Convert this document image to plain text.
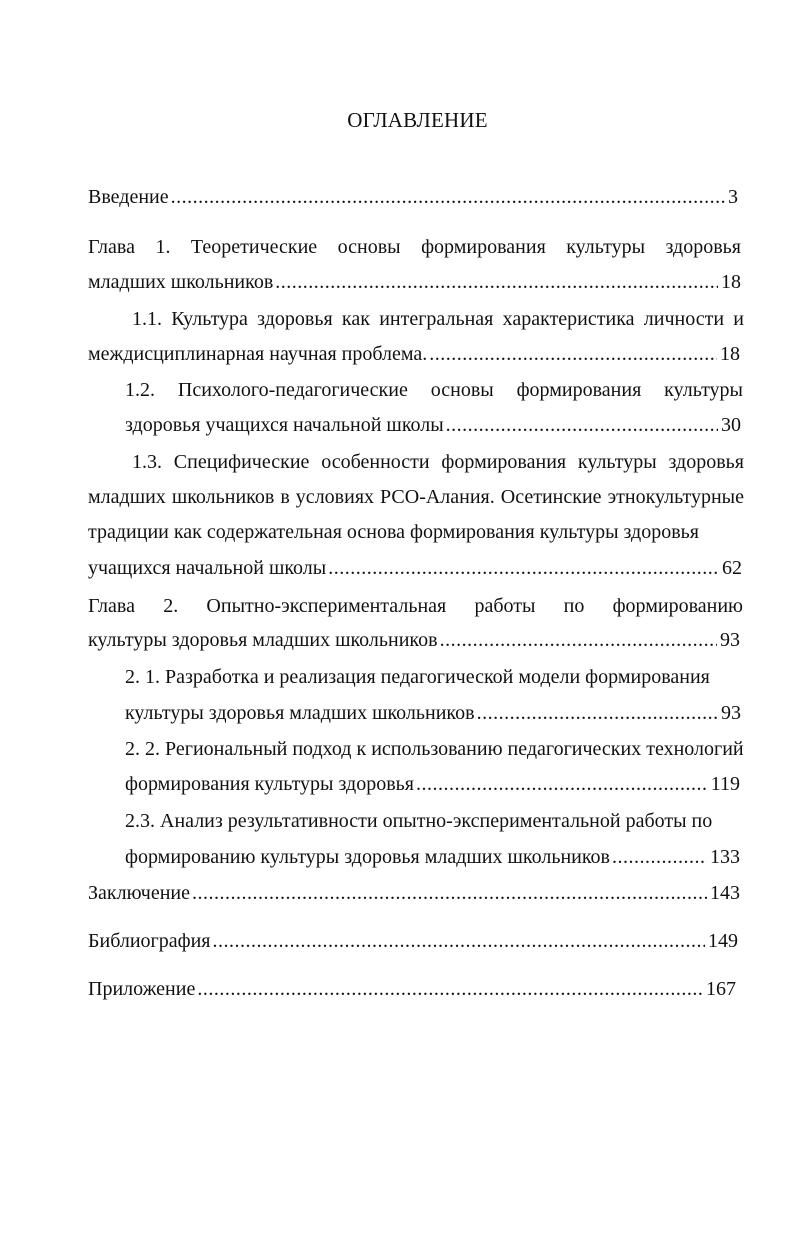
ОГЛАВЛЕНИЕ
Введение .....	3
Глава 1. Теоретические основы формирования культуры здоровья
младших школьников .....	18
1.1. Культура здоровья как интегральная характеристика личности и
междисциплинарная научная проблема. .....	18
1.2. Психолого-педагогические основы формирования культуры
здоровья учащихся начальной школы .....	30
1.3. Специфические особенности формирования культуры здоровья
младших школьников в условиях РСО-Алания. Осетинские этнокультурные
традиции как содержательная основа формирования культуры здоровья
учащихся начальной школы .....	62
Глава 2. Опытно-экспериментальная работы по формированию
культуры здоровья младших школьников .....	93
2. 1. Разработка и реализация педагогической модели формирования
культуры здоровья младших школьников .....	93
2. 2. Региональный подход к использованию педагогических технологий
формирования культуры здоровья .....	119
2.3. Анализ результативности опытно-экспериментальной работы по
формированию культуры здоровья младших школьников .....	133
Заключение .....	143
Библиография .....	149
Приложение .....	167
